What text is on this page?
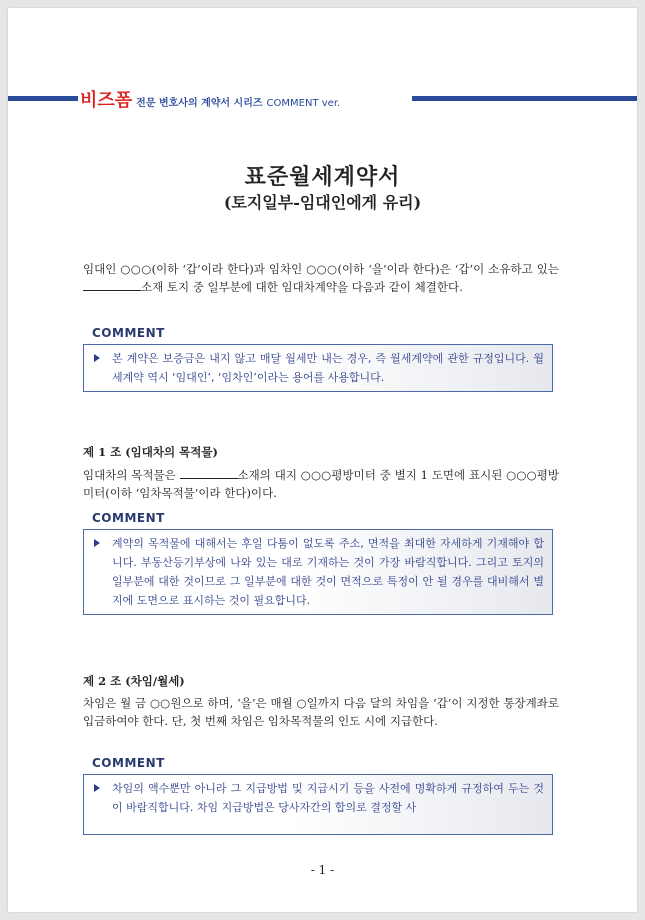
비즈폼 전문 변호사의 계약서 시리즈 COMMENT ver.
표준월세계약서
(토지일부-임대인에게 유리)
임대인 ○○○(이하 ‘갑’이라 한다)과 임차인 ○○○(이하 ‘을’이라 한다)은 ‘갑’이 소유하고 있는 소재 토지 중 일부분에 대한 임대차계약을 다음과 같이 체결한다.
COMMENT
본 계약은 보증금은 내지 않고 매달 월세만 내는 경우, 즉 월세계약에 관한 규정입니다. 월세계약 역시 ‘임대인’, ‘임차인’이라는 용어를 사용합니다.
제 1 조 (임대차의 목적물)
임대차의 목적물은	소재의 대지 ○○○평방미터 중 별지 1 도면에 표시된 ○○○평방미터(이하 ‘임차목적물’이라 한다)이다.
COMMENT
계약의 목적물에 대해서는 후일 다툼이 없도록 주소, 면적을 최대한 자세하게 기재해야 합니다. 부동산등기부상에 나와 있는 대로 기재하는 것이 가장 바람직합니다. 그리고 토지의 일부분에 대한 것이므로 그 일부분에 대한 것이 면적으로 특정이 안 될 경우를 대비해서 별지에 도면으로 표시하는 것이 필요합니다.
제 2 조 (차임/월세)
차임은 월 금 ○○원으로 하며, ‘을’은 매월 ○일까지 다음 달의 차임을 ‘갑’이 지정한 통장계좌로 입금하여야 한다. 단, 첫 번째 차임은 임차목적물의 인도 시에 지급한다.
COMMENT
차임의 액수뿐만 아니라 그 지급방법 및 지급시기 등을 사전에 명확하게 규정하여 두는 것이 바람직합니다. 차임 지급방법은 당사자간의 합의로 결정할 사
- 1 -
